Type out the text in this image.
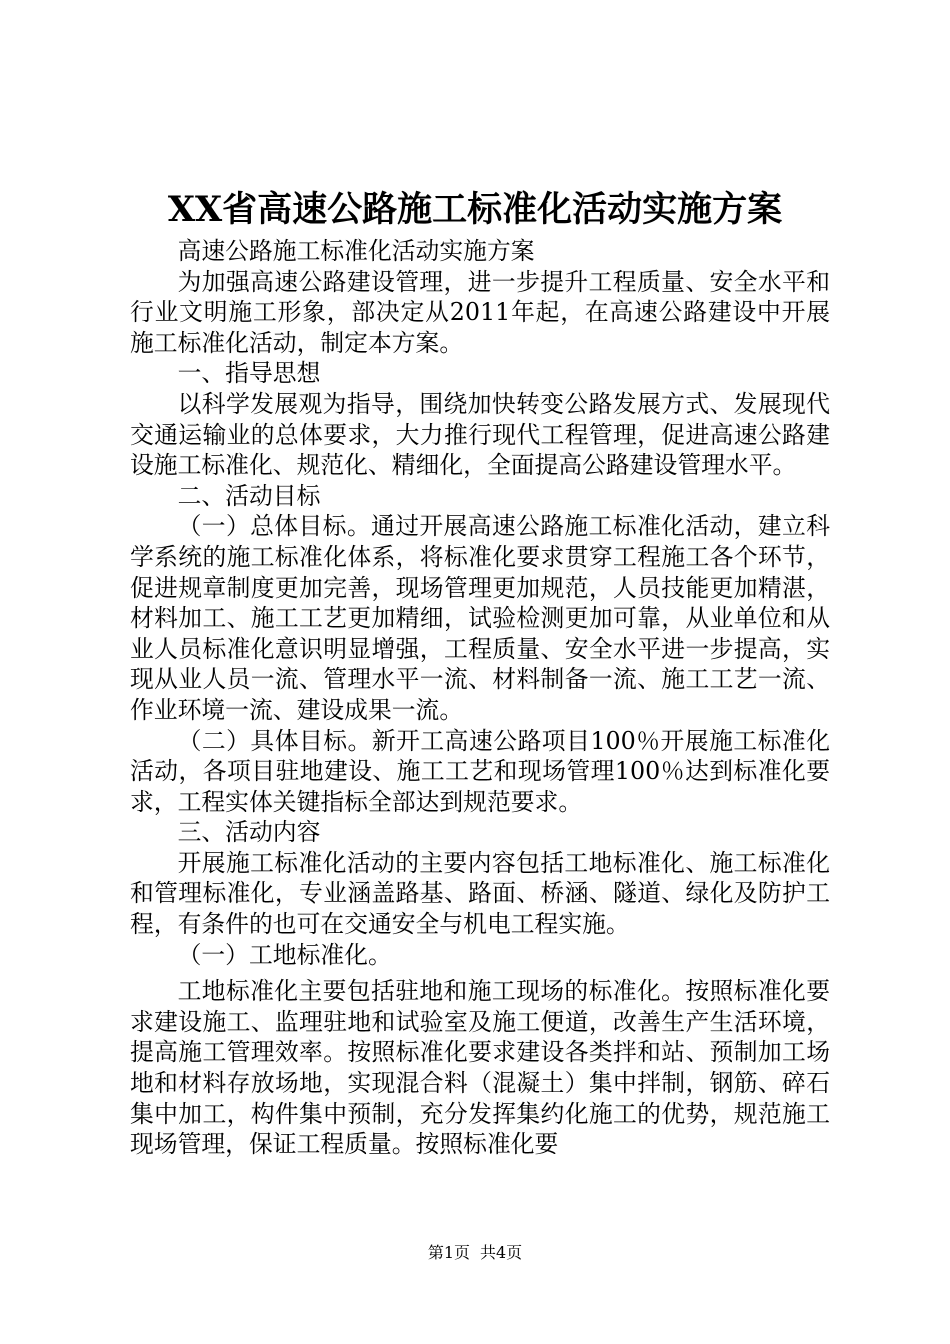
XX省高速公路施工标准化活动实施方案

高速公路施工标准化活动实施方案

为加强高速公路建设管理，进一步提升工程质量、安全水平和行业文明施工形象，部决定从2011年起，在高速公路建设中开展施工标准化活动，制定本方案。

一、指导思想

以科学发展观为指导，围绕加快转变公路发展方式、发展现代交通运输业的总体要求，大力推行现代工程管理，促进高速公路建设施工标准化、规范化、精细化，全面提高公路建设管理水平。

二、活动目标

（一）总体目标。通过开展高速公路施工标准化活动，建立科学系统的施工标准化体系，将标准化要求贯穿工程施工各个环节，促进规章制度更加完善，现场管理更加规范，人员技能更加精湛，材料加工、施工工艺更加精细，试验检测更加可靠，从业单位和从业人员标准化意识明显增强，工程质量、安全水平进一步提高，实现从业人员一流、管理水平一流、材料制备一流、施工工艺一流、作业环境一流、建设成果一流。

（二）具体目标。新开工高速公路项目100％开展施工标准化活动，各项目驻地建设、施工工艺和现场管理100％达到标准化要求，工程实体关键指标全部达到规范要求。

三、活动内容

开展施工标准化活动的主要内容包括工地标准化、施工标准化和管理标准化，专业涵盖路基、路面、桥涵、隧道、绿化及防护工程，有条件的也可在交通安全与机电工程实施。

（一）工地标准化。

工地标准化主要包括驻地和施工现场的标准化。按照标准化要求建设施工、监理驻地和试验室及施工便道，改善生产生活环境，提高施工管理效率。按照标准化要求建设各类拌和站、预制加工场地和材料存放场地，实现混合料（混凝土）集中拌制，钢筋、碎石集中加工，构件集中预制，充分发挥集约化施工的优势，规范施工现场管理，保证工程质量。按照标准化要

第1页 共4页
